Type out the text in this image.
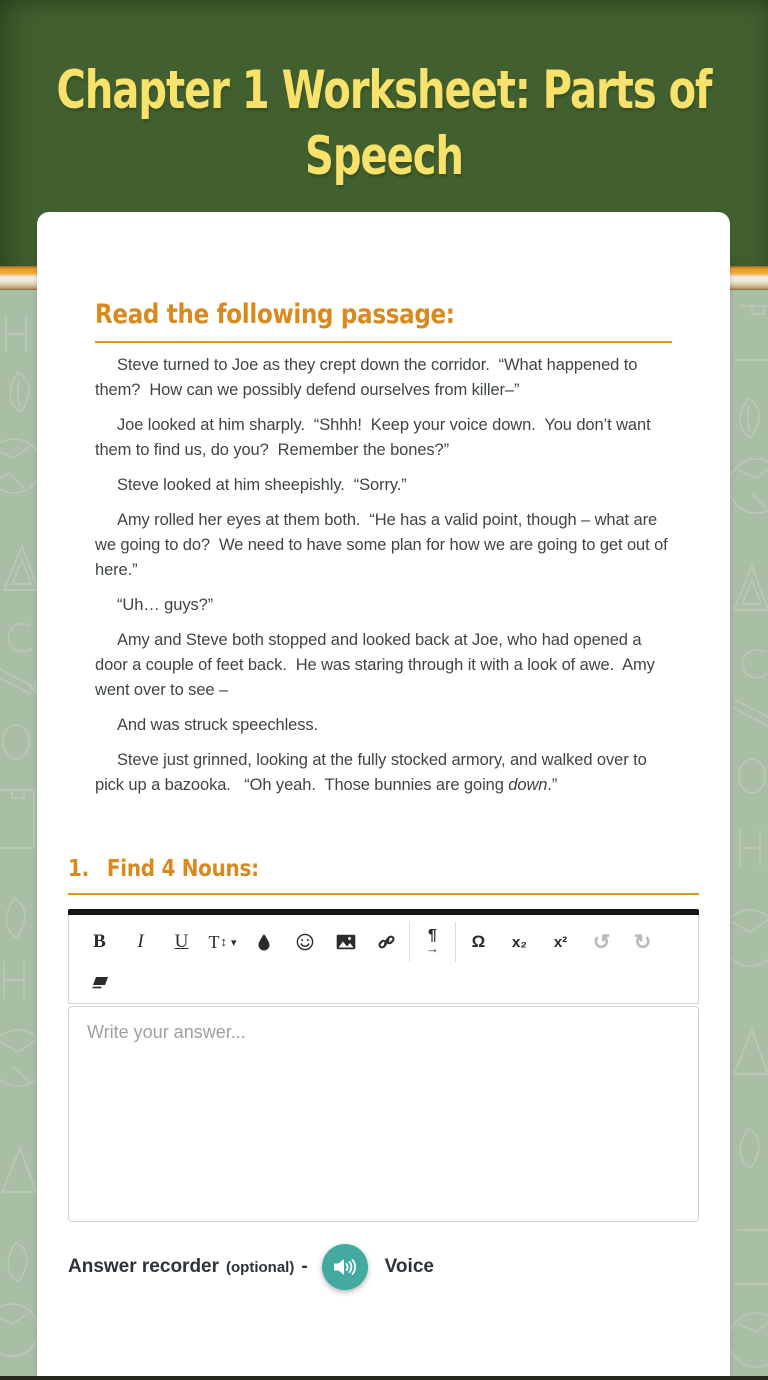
Chapter 1 Worksheet: Parts of
Speech
Read the following passage:

Steve turned to Joe as they crept down the corridor.  “What happened to them?  How can we possibly defend ourselves from killer–”

Joe looked at him sharply.  “Shhh!  Keep your voice down.  You don’t want them to find us, do you?  Remember the bones?”

Steve looked at him sheepishly.  “Sorry.”

Amy rolled her eyes at them both.  “He has a valid point, though – what are we going to do?  We need to have some plan for how we are going to get out of here.”

“Uh… guys?”

Amy and Steve both stopped and looked back at Joe, who had opened a door a couple of feet back.  He was staring through it with a look of awe.  Amy went over to see –

And was struck speechless.

Steve just grinned, looking at the fully stocked armory, and walked over to pick up a bazooka.   “Oh yeah.  Those bunnies are going down.”

1. Find 4 Nouns:
B	I	U	T ↕ ▾	¶
→	Ω	x₂	x²	↺	↻
Write your answer...
Answer recorder (optional) -	Voice
